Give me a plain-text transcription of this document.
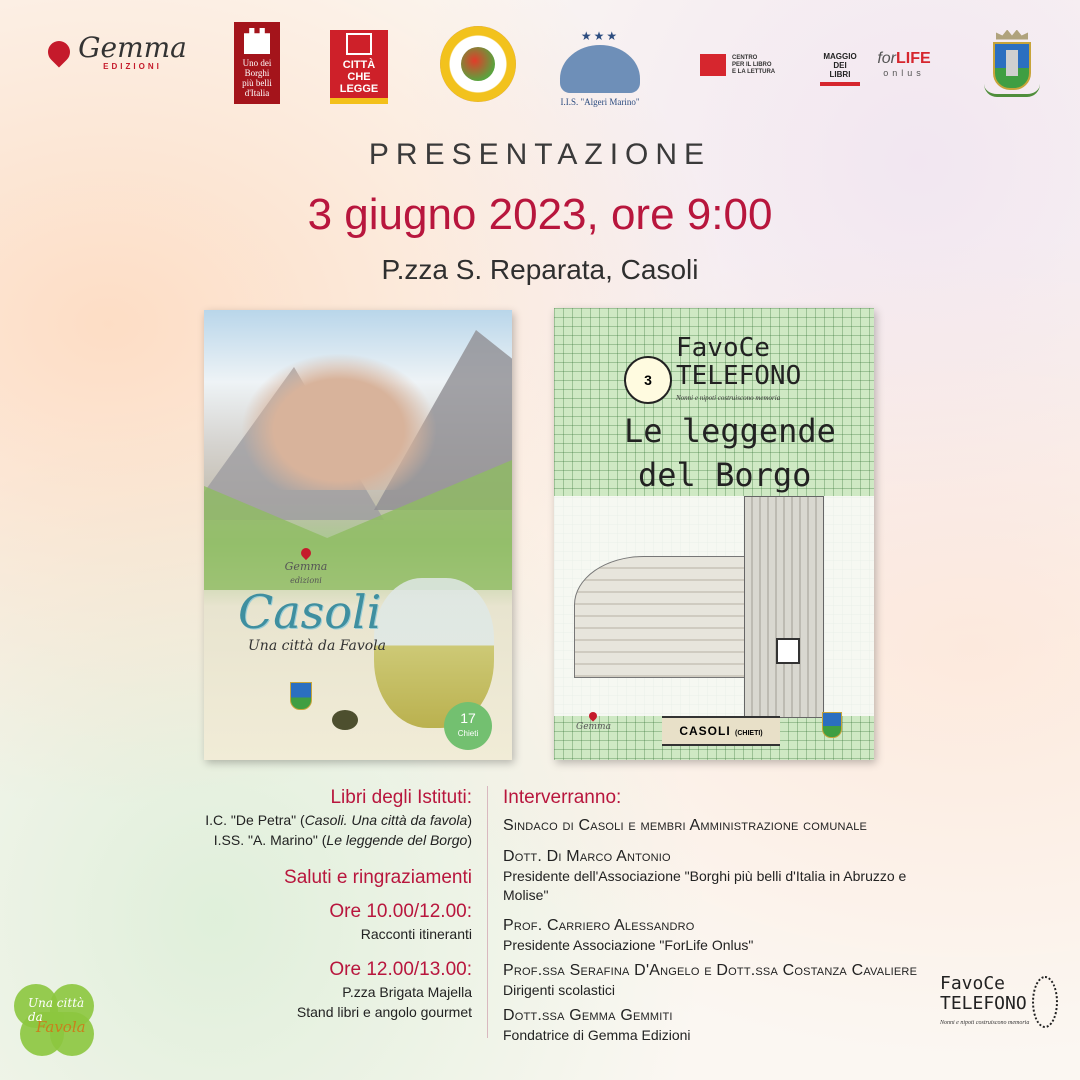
Gemma
EDIZIONI	Uno dei
Borghi
più belli
d'Italia
CITTÀ
CHE LEGGE
★★★
I.I.S. "Algeri Marino"
CENTRO
PER IL LIBRO
E LA LETTURA
MAGGIO
DEI
LIBRI
forLIFE
onlus
PRESENTAZIONE
3 giugno 2023, ore 9:00
P.zza S. Reparata, Casoli
Gemma
edizioni
Casoli
Una città da Favola
17
Chieti
3
FavoCe
TELEFONO
Nonni e nipoti costruiscono memoria
Le leggende
del Borgo
Gemma	CASOLI (CHIETI)
Libri degli Istituti:
I.C. "De Petra" (Casoli. Una città da favola)
I.SS. "A. Marino" (Le leggende del Borgo)
Saluti e ringraziamenti
Ore 10.00/12.00:
Racconti itineranti
Ore 12.00/13.00:
P.zza Brigata Majella
Stand libri e angolo gourmet
Interverranno:
Sindaco di Casoli e membri Amministrazione comunale
Dott. Di Marco Antonio
Presidente dell'Associazione "Borghi più belli d'Italia in Abruzzo e Molise"
Prof. Carriero Alessandro
Presidente Associazione "ForLife Onlus"
Prof.ssa Serafina D'Angelo e Dott.ssa Costanza Cavaliere
Dirigenti scolastici
Dott.ssa Gemma Gemmiti
Fondatrice di Gemma Edizioni
Una città da
Favola
FavoCe
TELEFONO
Nonni e nipoti costruiscono memoria
